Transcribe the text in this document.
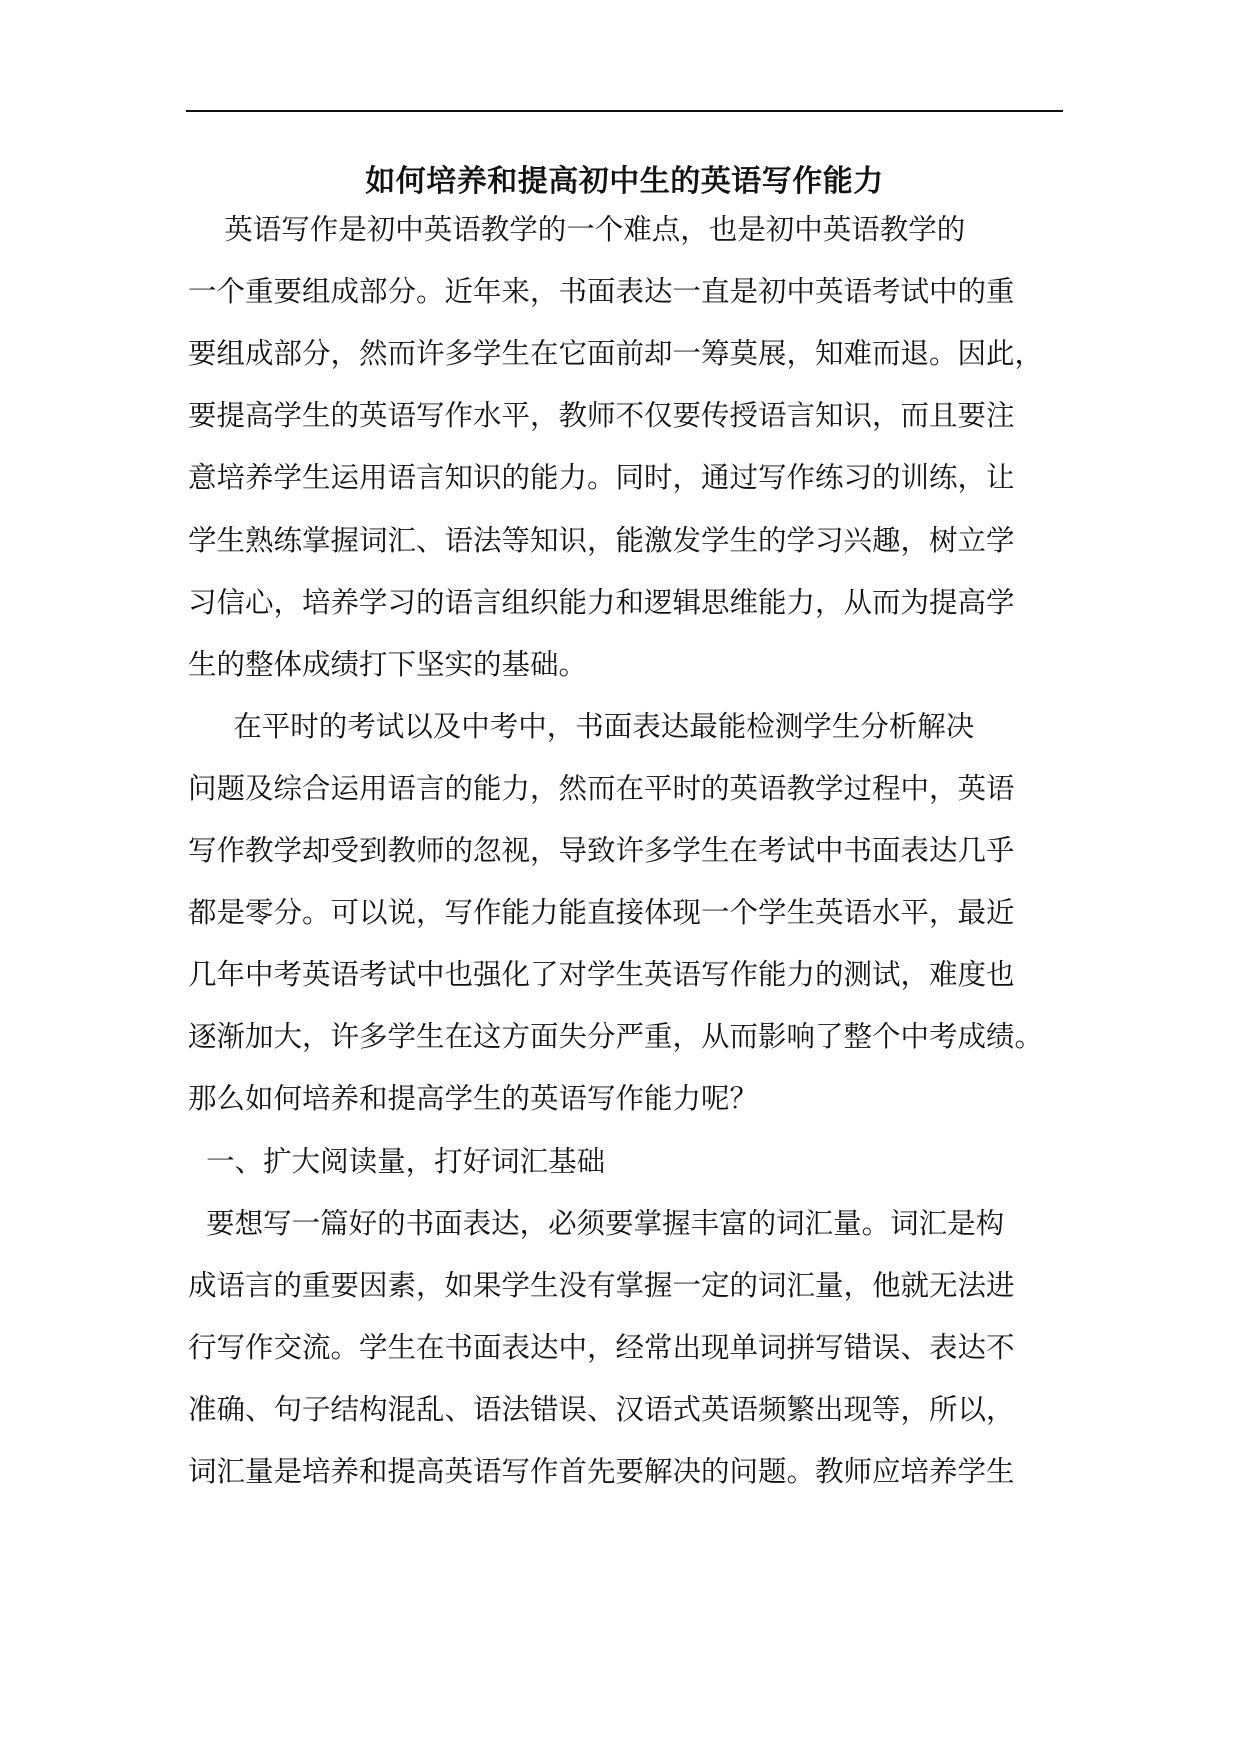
如何培养和提高初中生的英语写作能力

英语写作是初中英语教学的一个难点，也是初中英语教学的

一个重要组成部分。近年来，书面表达一直是初中英语考试中的重

要组成部分，然而许多学生在它面前却一筹莫展，知难而退。因此，

要提高学生的英语写作水平，教师不仅要传授语言知识，而且要注

意培养学生运用语言知识的能力。同时，通过写作练习的训练，让

学生熟练掌握词汇、语法等知识，能激发学生的学习兴趣，树立学

习信心，培养学习的语言组织能力和逻辑思维能力，从而为提高学

生的整体成绩打下坚实的基础。

在平时的考试以及中考中，书面表达最能检测学生分析解决

问题及综合运用语言的能力，然而在平时的英语教学过程中，英语

写作教学却受到教师的忽视，导致许多学生在考试中书面表达几乎

都是零分。可以说，写作能力能直接体现一个学生英语水平，最近

几年中考英语考试中也强化了对学生英语写作能力的测试，难度也

逐渐加大，许多学生在这方面失分严重，从而影响了整个中考成绩。

那么如何培养和提高学生的英语写作能力呢？

一、扩大阅读量，打好词汇基础

要想写一篇好的书面表达，必须要掌握丰富的词汇量。词汇是构

成语言的重要因素，如果学生没有掌握一定的词汇量，他就无法进

行写作交流。学生在书面表达中，经常出现单词拼写错误、表达不

准确、句子结构混乱、语法错误、汉语式英语频繁出现等，所以，

词汇量是培养和提高英语写作首先要解决的问题。教师应培养学生
